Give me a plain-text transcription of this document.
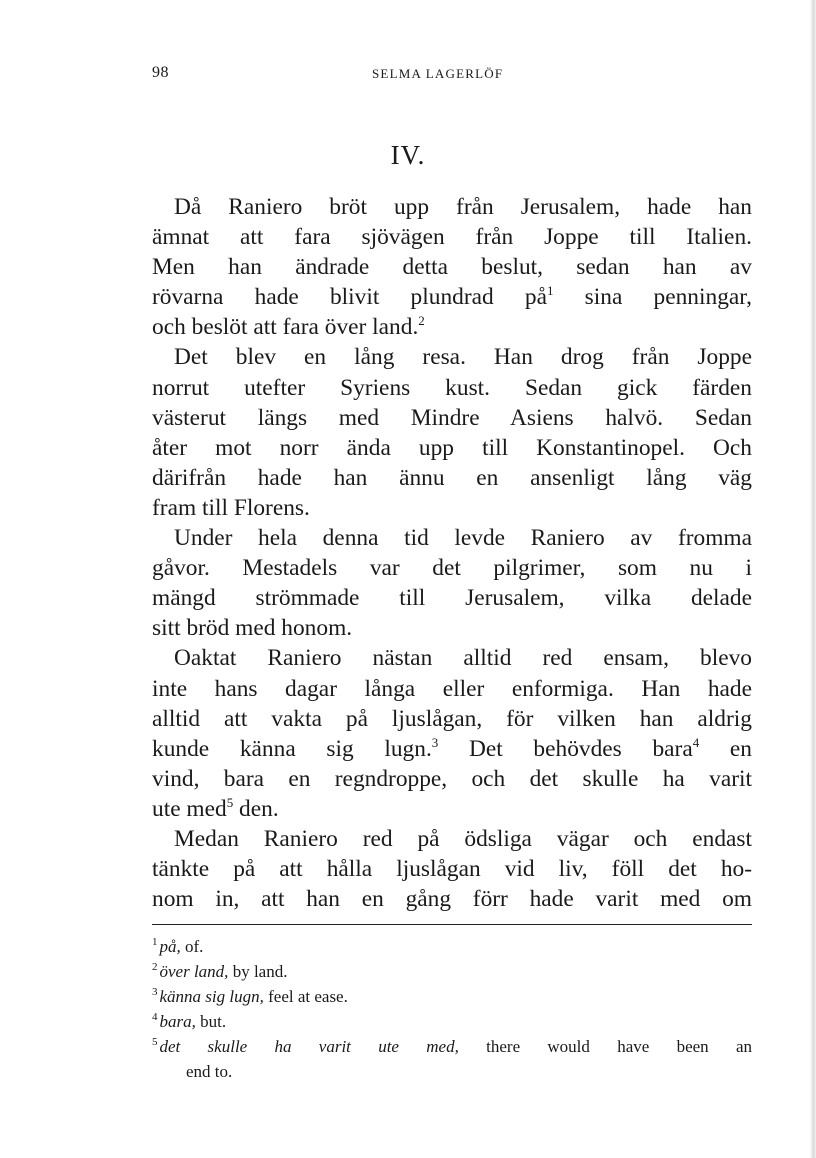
98	SELMA LAGERLÖF
IV.
Då Raniero bröt upp från Jerusalem, hade han
ämnat att fara sjövägen från Joppe till Italien.
Men han ändrade detta beslut, sedan han av
rövarna hade blivit plundrad på$^1$ sina penningar,
och beslöt att fara över land.$^2$
Det blev en lång resa. Han drog från Joppe
norrut utefter Syriens kust. Sedan gick färden
västerut längs med Mindre Asiens halvö. Sedan
åter mot norr ända upp till Konstantinopel. Och
därifrån hade han ännu en ansenligt lång väg
fram till Florens.
Under hela denna tid levde Raniero av fromma
gåvor. Mestadels var det pilgrimer, som nu i
mängd strömmade till Jerusalem, vilka delade
sitt bröd med honom.
Oaktat Raniero nästan alltid red ensam, blevo
inte hans dagar långa eller enformiga. Han hade
alltid att vakta på ljuslågan, för vilken han aldrig
kunde känna sig lugn.$^3$ Det behövdes bara$^4$ en
vind, bara en regndroppe, och det skulle ha varit
ute med$^5$ den.
Medan Raniero red på ödsliga vägar och endast
tänkte på att hålla ljuslågan vid liv, föll det ho-
nom in, att han en gång förr hade varit med om
$^1$ på, of.
$^2$ över land, by land.
$^3$ känna sig lugn, feel at ease.
$^4$ bara, but.
$^5$ det skulle ha varit ute med, there would have been an
end to.
